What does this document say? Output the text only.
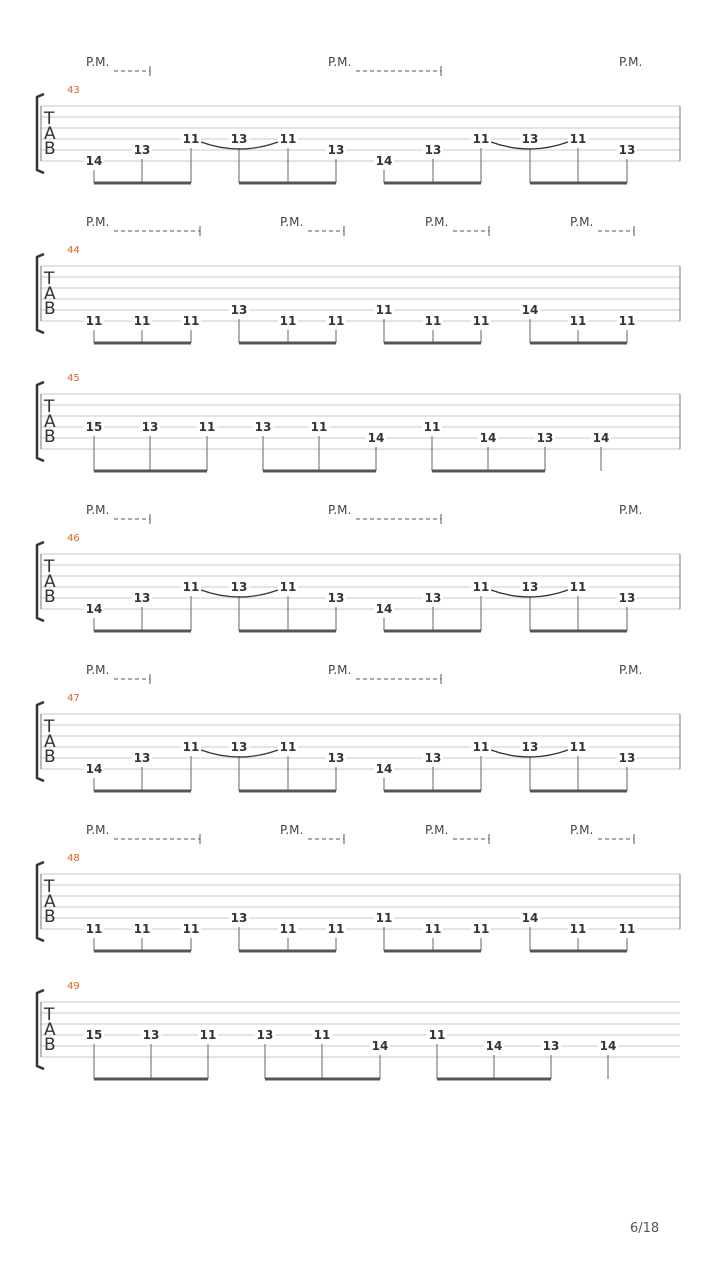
T
A
B
43
P.M.	P.M.	P.M.
14
13
11	13	11
13
14
13
11	13	11
13
T
A
B
44
P.M.	P.M.	P.M.	P.M.
11	11	11
13
11	11
11
11	11
14
11	11
T
A
B
45
15	13	11	13	11
14
11
14	13	14
T
A
B
46
P.M.	P.M.	P.M.
14
13
11	13	11
13
14
13
11	13	11
13
T
A
B
47
P.M.	P.M.	P.M.
14
13
11	13	11
13
14
13
11	13	11
13
T
A
B
48
P.M.	P.M.	P.M.	P.M.
11	11	11
13
11	11
11
11	11
14
11	11
T
A
B
49
15	13	11	13	11
14
11
14	13	14
6/18
